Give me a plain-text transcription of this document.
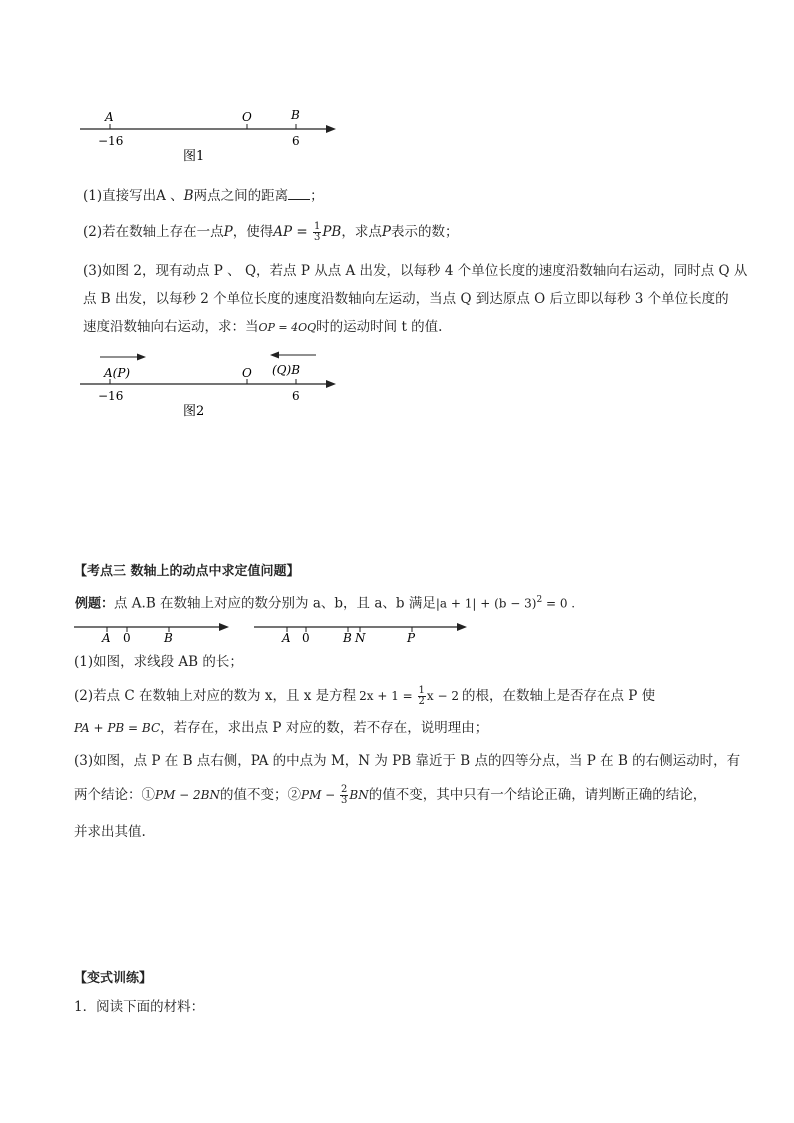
A	O	B
−16	6
图1
(1)直接写出A 、B两点之间的距离 ；
(2)若在数轴上存在一点P，使得AP = $\frac{1}{3}$ PB，求点P表示的数；
(3)如图 2，现有动点 P 、 Q，若点 P 从点 A 出发，以每秒 4 个单位长度的速度沿数轴向右运动，同时点 Q 从
点 B 出发，以每秒 2 个单位长度的速度沿数轴向左运动，当点 Q 到达原点 O 后立即以每秒 3 个单位长度的
速度沿数轴向右运动，求：当OP = 4OQ时的运动时间 t 的值.
A(P)	O (Q)B
−16	6
图2
【考点三 数轴上的动点中求定值问题】
例题：点 A.B 在数轴上对应的数分别为 a、b，且 a、b 满足$|a + 1| + (b - 3)^2 = 0$ .
A 0	B	A 0	B N	P
(1)如图，求线段 AB 的长；
(2)若点 C 在数轴上对应的数为 x，且 x 是方程 $2x + 1 = \frac{1}{2}$ x − 2 的根，在数轴上是否存在点 P 使
PA + PB = BC，若存在，求出点 P 对应的数，若不存在，说明理由；
(3)如图，点 P 在 B 点右侧，PA 的中点为 M，N 为 PB 靠近于 B 点的四等分点，当 P 在 B 的右侧运动时，有
两个结论：①PM − 2BN的值不变；②PM − $\frac{2}{3}$ BN的值不变，其中只有一个结论正确，请判断正确的结论，
并求出其值.
【变式训练】
1．阅读下面的材料：
